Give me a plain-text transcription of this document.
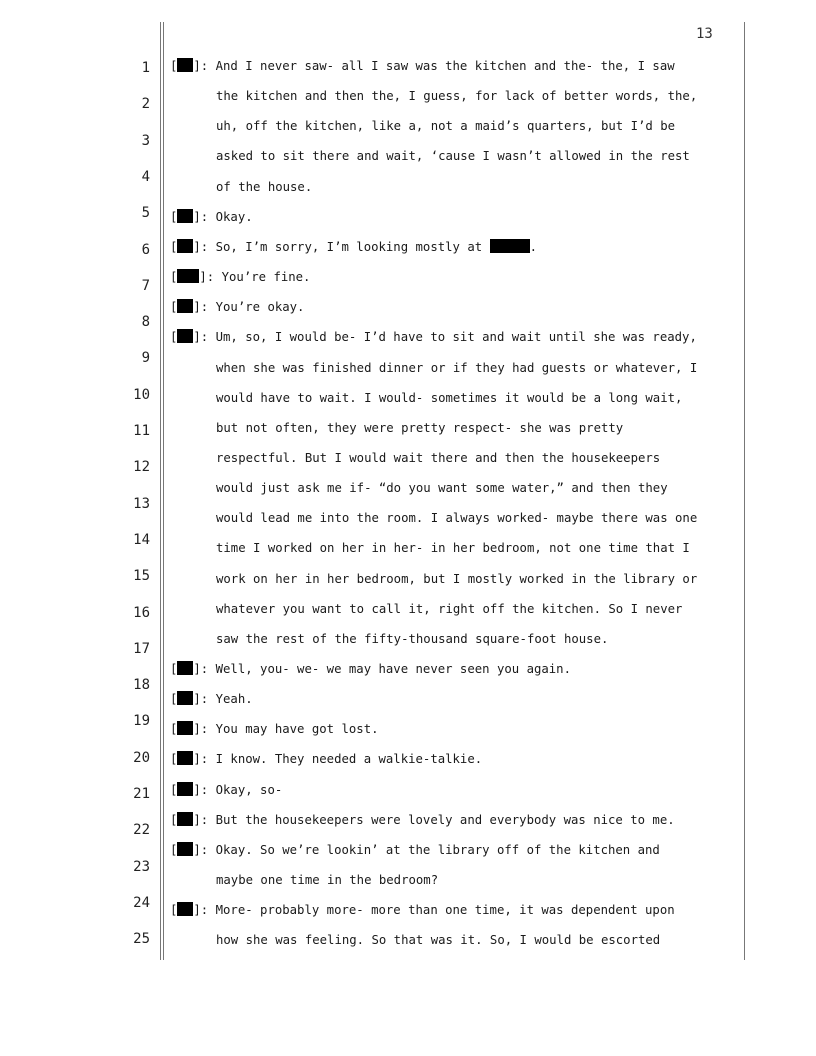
13
1
2
3
4
5
6
7
8
9
10
11
12
13
14
15
16
17
18
19
20
21
22
23
24
25
[ ]: And I never saw- all I saw was the kitchen and the- the, I saw
the kitchen and then the, I guess, for lack of better words, the,
uh, off the kitchen, like a, not a maid’s quarters, but I’d be
asked to sit there and wait, ‘cause I wasn’t allowed in the rest
of the house.
[ ]: Okay.
[ ]: So, I’m sorry, I’m looking mostly at	.
[ ]: You’re fine.
[ ]: You’re okay.
[ ]: Um, so, I would be- I’d have to sit and wait until she was ready,
when she was finished dinner or if they had guests or whatever, I
would have to wait. I would- sometimes it would be a long wait,
but not often, they were pretty respect- she was pretty
respectful. But I would wait there and then the housekeepers
would just ask me if- “do you want some water,” and then they
would lead me into the room. I always worked- maybe there was one
time I worked on her in her- in her bedroom, not one time that I
work on her in her bedroom, but I mostly worked in the library or
whatever you want to call it, right off the kitchen. So I never
saw the rest of the fifty-thousand square-foot house.
[ ]: Well, you- we- we may have never seen you again.
[ ]: Yeah.
[ ]: You may have got lost.
[ ]: I know. They needed a walkie-talkie.
[ ]: Okay, so-
[ ]: But the housekeepers were lovely and everybody was nice to me.
[ ]: Okay. So we’re lookin’ at the library off of the kitchen and
maybe one time in the bedroom?
[ ]: More- probably more- more than one time, it was dependent upon
how she was feeling. So that was it. So, I would be escorted
